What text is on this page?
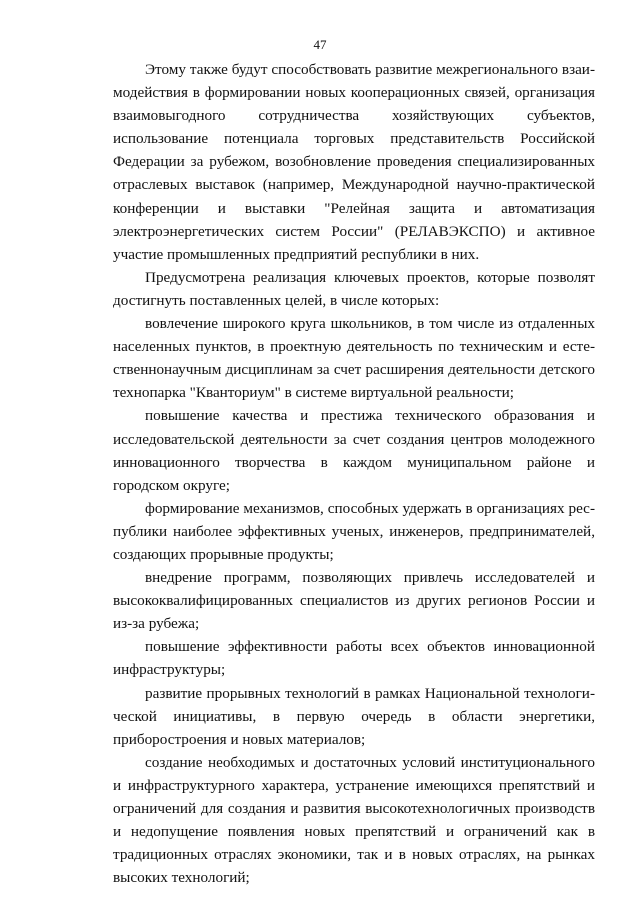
47

Этому также будут способствовать развитие межрегионального взаимодействия в формировании новых кооперационных связей, организация взаимовыгодного сотрудничества хозяйствующих субъектов, использование потенциала торговых представительств Российской Федерации за рубежом, возобновление проведения специализированных отраслевых выставок (например, Международной научно-практической конференции и выставки "Релейная защита и автоматизация электроэнергетических систем России" (РЕЛАВЭКСПО) и активное участие промышленных предприятий республики в них.

Предусмотрена реализация ключевых проектов, которые позволят достигнуть поставленных целей, в числе которых:

вовлечение широкого круга школьников, в том числе из отдаленных населенных пунктов, в проектную деятельность по техническим и естественнонаучным дисциплинам за счет расширения деятельности детского технопарка "Кванториум" в системе виртуальной реальности;

повышение качества и престижа технического образования и исследовательской деятельности за счет создания центров молодежного инновационного творчества в каждом муниципальном районе и городском округе;

формирование механизмов, способных удержать в организациях республики наиболее эффективных ученых, инженеров, предпринимателей, создающих прорывные продукты;

внедрение программ, позволяющих привлечь исследователей и высококвалифицированных специалистов из других регионов России и из-за рубежа;

повышение эффективности работы всех объектов инновационной инфраструктуры;

развитие прорывных технологий в рамках Национальной технологической инициативы, в первую очередь в области энергетики, приборостроения и новых материалов;

создание необходимых и достаточных условий институционального и инфраструктурного характера, устранение имеющихся препятствий и ограничений для создания и развития высокотехнологичных производств и недопущение появления новых препятствий и ограничений как в традиционных отраслях экономики, так и в новых отраслях, на рынках высоких технологий;
